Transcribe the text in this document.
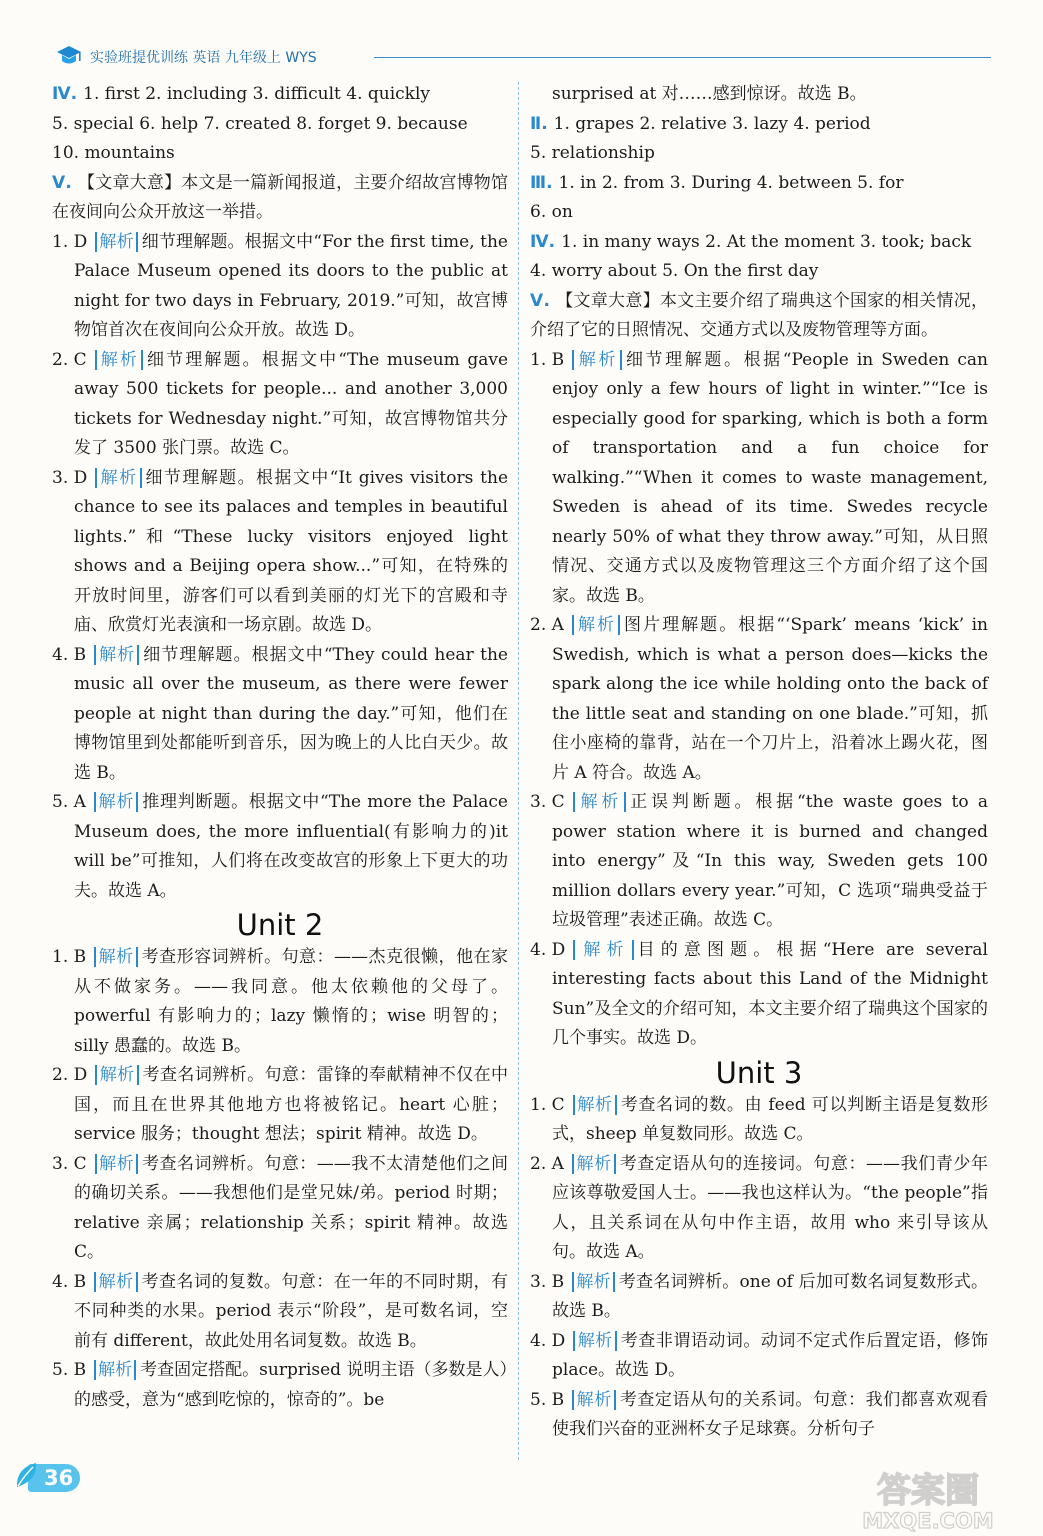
实验班提优训练 英语 九年级上 WYS

Ⅳ. 1. first 2. including 3. difficult 4. quickly

5. special 6. help 7. created 8. forget 9. because

10. mountains

Ⅴ. 【文章大意】本文是一篇新闻报道，主要介绍故宫博物馆在夜间向公众开放这一举措。

1. D 解析 细节理解题。根据文中“For the first time, the Palace Museum opened its doors to the public at night for two days in February, 2019.”可知，故宫博物馆首次在夜间向公众开放。故选 D。

2. C 解析 细节理解题。根据文中“The museum gave away 500 tickets for people... and another 3,000 tickets for Wednesday night.”可知，故宫博物馆共分发了 3500 张门票。故选 C。

3. D 解析 细节理解题。根据文中“It gives visitors the chance to see its palaces and temples in beautiful lights.”和“These lucky visitors enjoyed light shows and a Beijing opera show...”可知，在特殊的开放时间里，游客们可以看到美丽的灯光下的宫殿和寺庙、欣赏灯光表演和一场京剧。故选 D。

4. B 解析 细节理解题。根据文中“They could hear the music all over the museum, as there were fewer people at night than during the day.”可知，他们在博物馆里到处都能听到音乐，因为晚上的人比白天少。故选 B。

5. A 解析 推理判断题。根据文中“The more the Palace Museum does, the more influential(有影响力的)it will be”可推知，人们将在改变故宫的形象上下更大的功夫。故选 A。

Unit 2

1. B 解析 考查形容词辨析。句意：——杰克很懒，他在家从不做家务。——我同意。他太依赖他的父母了。powerful 有影响力的；lazy 懒惰的；wise 明智的；silly 愚蠢的。故选 B。

2. D 解析 考查名词辨析。句意：雷锋的奉献精神不仅在中国，而且在世界其他地方也将被铭记。heart 心脏；service 服务；thought 想法；spirit 精神。故选 D。

3. C 解析 考查名词辨析。句意：——我不太清楚他们之间的确切关系。——我想他们是堂兄妹/弟。period 时期；relative 亲属；relationship 关系；spirit 精神。故选 C。

4. B 解析 考查名词的复数。句意：在一年的不同时期，有不同种类的水果。period 表示“阶段”，是可数名词，空前有 different，故此处用名词复数。故选 B。

5. B 解析 考查固定搭配。surprised 说明主语（多数是人）的感受，意为“感到吃惊的，惊奇的”。be

surprised at 对……感到惊讶。故选 B。

Ⅱ. 1. grapes 2. relative 3. lazy 4. period

5. relationship

Ⅲ. 1. in 2. from 3. During 4. between 5. for

6. on

Ⅳ. 1. in many ways 2. At the moment 3. took; back

4. worry about 5. On the first day

Ⅴ. 【文章大意】本文主要介绍了瑞典这个国家的相关情况，介绍了它的日照情况、交通方式以及废物管理等方面。

1. B 解析 细节理解题。根据“People in Sweden can enjoy only a few hours of light in winter.”“Ice is especially good for sparking, which is both a form of transportation and a fun choice for walking.”“When it comes to waste management, Sweden is ahead of its time. Swedes recycle nearly 50% of what they throw away.”可知，从日照情况、交通方式以及废物管理这三个方面介绍了这个国家。故选 B。

2. A 解析 图片理解题。根据“‘Spark’ means ‘kick’ in Swedish, which is what a person does—kicks the spark along the ice while holding onto the back of the little seat and standing on one blade.”可知，抓住小座椅的靠背，站在一个刀片上，沿着冰上踢火花，图片 A 符合。故选 A。

3. C 解析 正误判断题。根据“the waste goes to a power station where it is burned and changed into energy”及“In this way, Sweden gets 100 million dollars every year.”可知，C 选项“瑞典受益于垃圾管理”表述正确。故选 C。

4. D 解析 目的意图题。根据“Here are several interesting facts about this Land of the Midnight Sun”及全文的介绍可知，本文主要介绍了瑞典这个国家的几个事实。故选 D。

Unit 3

1. C 解析 考查名词的数。由 feed 可以判断主语是复数形式，sheep 单复数同形。故选 C。

2. A 解析 考查定语从句的连接词。句意：——我们青少年应该尊敬爱国人士。——我也这样认为。“the people”指人，且关系词在从句中作主语，故用 who 来引导该从句。故选 A。

3. B 解析 考查名词辨析。one of 后加可数名词复数形式。故选 B。

4. D 解析 考查非谓语动词。动词不定式作后置定语，修饰 place。故选 D。

5. B 解析 考查定语从句的关系词。句意：我们都喜欢观看使我们兴奋的亚洲杯女子足球赛。分析句子

36	答案圈
MXQE.COM
